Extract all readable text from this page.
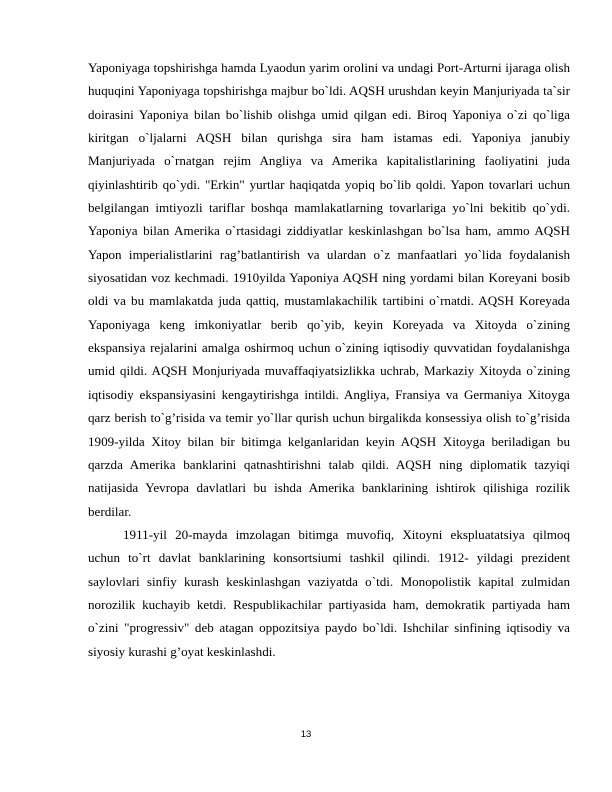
Yaponiyaga topshirishga hamda Lyaodun yarim orolini va undagi Port-Arturni ijaraga olish huquqini Yaponiyaga topshirishga majbur bo`ldi. AQSH urushdan keyin Manjuriyada ta`sir doirasini Yaponiya bilan bo`lishib olishga umid qilgan edi. Biroq Yaponiya o`zi qo`liga kiritgan o`ljalarni AQSH bilan qurishga sira ham istamas edi. Yaponiya janubiy Manjuriyada o`rnatgan rejim Angliya va Amerika kapitalistlarining faoliyatini juda qiyinlashtirib qo`ydi. "Erkin" yurtlar haqiqatda yopiq bo`lib qoldi. Yapon tovarlari uchun belgilangan imtiyozli tariflar boshqa mamlakatlarning tovarlariga yo`lni bekitib qo`ydi. Yaponiya bilan Amerika o`rtasidagi ziddiyatlar keskinlashgan bo`lsa ham, ammo AQSH Yapon imperialistlarini rag’batlantirish va ulardan o`z manfaatlari yo`lida foydalanish siyosatidan voz kechmadi. 1910yilda Yaponiya AQSH ning yordami bilan Koreyani bosib oldi va bu mamlakatda juda qattiq, mustamlakachilik tartibini o`rnatdi. AQSH Koreyada Yaponiyaga keng imkoniyatlar berib qo`yib, keyin Koreyada va Xitoyda o`zining ekspansiya rejalarini amalga oshirmoq uchun o`zining iqtisodiy quvvatidan foydalanishga umid qildi. AQSH Monjuriyada muvaffaqiyatsizlikka uchrab, Markaziy Xitoyda o`zining iqtisodiy ekspansiyasini kengaytirishga intildi. Angliya, Fransiya va Germaniya Xitoyga qarz berish to`g’risida va temir yo`llar qurish uchun birgalikda konsessiya olish to`g’risida 1909-yilda Xitoy bilan bir bitimga kelganlaridan keyin AQSH Xitoyga beriladigan bu qarzda Amerika banklarini qatnashtirishni talab qildi. AQSH ning diplomatik tazyiqi natijasida Yevropa davlatlari bu ishda Amerika banklarining ishtirok qilishiga rozilik berdilar.

1911-yil 20-mayda imzolagan bitimga muvofiq, Xitoyni ekspluatatsiya qilmoq uchun to`rt davlat banklarining konsortsiumi tashkil qilindi. 1912- yildagi prezident saylovlari sinfiy kurash keskinlashgan vaziyatda o`tdi. Monopolistik kapital zulmidan norozilik kuchayib ketdi. Respublikachilar partiyasida ham, demokratik partiyada ham o`zini "progressiv" deb atagan oppozitsiya paydo bo`ldi. Ishchilar sinfining iqtisodiy va siyosiy kurashi g’oyat keskinlashdi.

13
